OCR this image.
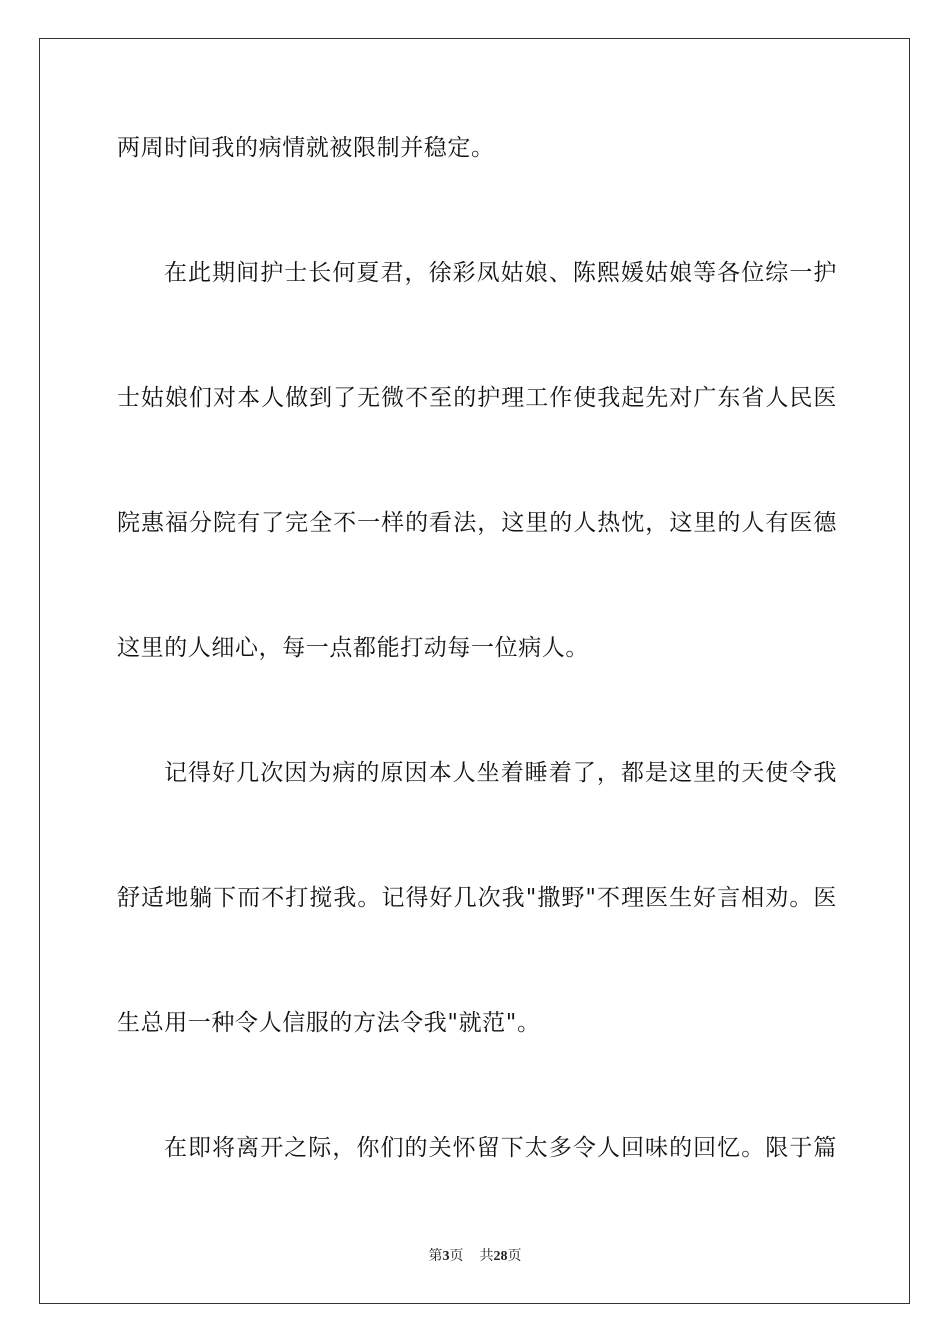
两周时间我的病情就被限制并稳定。
在此期间护士长何夏君，徐彩凤姑娘、陈熙媛姑娘等各位综一护
士姑娘们对本人做到了无微不至的护理工作使我起先对广东省人民医
院惠福分院有了完全不一样的看法，这里的人热忱，这里的人有医德
这里的人细心，每一点都能打动每一位病人。
记得好几次因为病的原因本人坐着睡着了，都是这里的天使令我
舒适地躺下而不打搅我。记得好几次我"撒野"不理医生好言相劝。医
生总用一种令人信服的方法令我"就范"。
在即将离开之际，你们的关怀留下太多令人回味的回忆。限于篇
第3页 共28页
